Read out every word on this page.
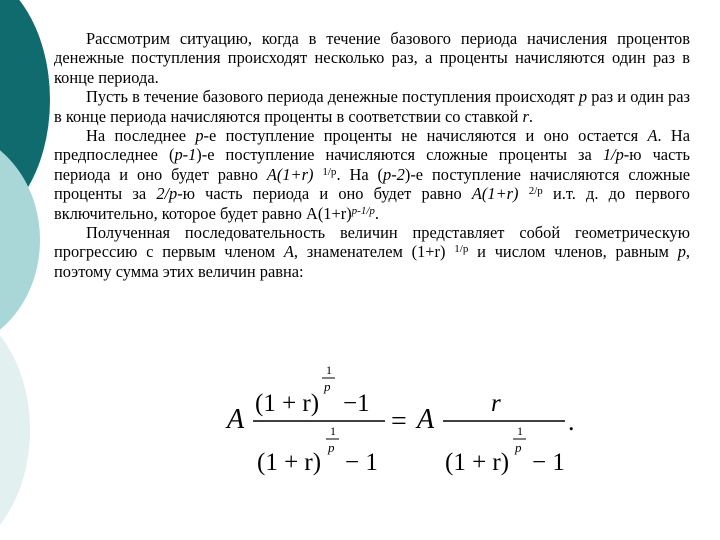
Рассмотрим ситуацию, когда в течение базового периода начисления процентов денежные поступления происходят несколько раз, а проценты начисляются один раз в конце периода.

Пусть в течение базового периода денежные поступления происходят p раз и один раз в конце периода начисляются проценты в соответствии со ставкой r.

На последнее p-е поступление проценты не начисляются и оно остается A. На предпоследнее (p-1)-е поступление начисляются сложные проценты за 1/p-ю часть периода и оно будет равно A(1+r) $^{1/p}$. На (p-2)-е поступление начисляются сложные проценты за 2/p-ю часть периода и оно будет равно A(1+r) $^{2/p}$ и.т. д. до первого включительно, которое будет равно $A(1+r)^{p-1/p}$.

Полученная последовательность величин представляет собой геометрическую прогрессию с первым членом A, знаменателем (1+r) $^{1/p}$ и числом членов, равным p, поэтому сумма этих величин равна:

A
(1 + r)
1
p
−1
(1 + r)
1
p
− 1
= A
r
(1 + r)
1
p
− 1
.
